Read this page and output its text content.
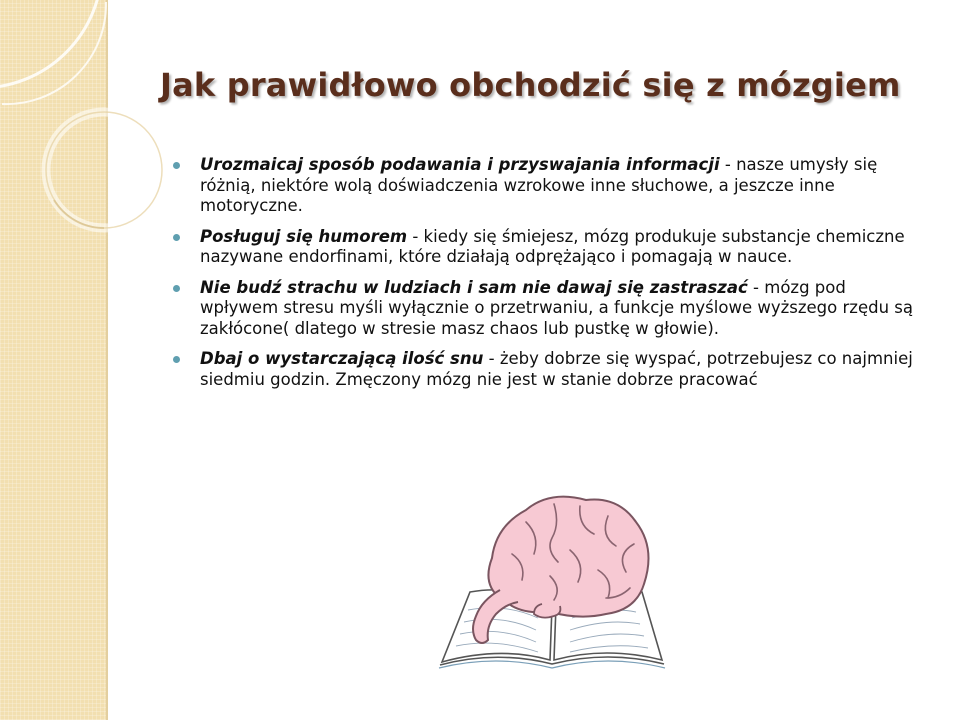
Jak prawidłowo obchodzić się z mózgiem
Urozmaicaj sposób podawania i przyswajania informacji - nasze umysły się różnią, niektóre wolą doświadczenia wzrokowe inne słuchowe, a jeszcze inne motoryczne.
Posługuj się humorem - kiedy się śmiejesz, mózg produkuje substancje chemiczne nazywane endorfinami, które działają odprężająco i pomagają w nauce.
Nie budź strachu w ludziach i sam nie dawaj się zastraszać - mózg pod wpływem stresu myśli wyłącznie o przetrwaniu, a funkcje myślowe wyższego rzędu są zakłócone( dlatego w stresie masz chaos lub pustkę w głowie).
Dbaj o wystarczającą ilość snu - żeby dobrze się wyspać, potrzebujesz co najmniej siedmiu godzin. Zmęczony mózg nie jest w stanie dobrze pracować
